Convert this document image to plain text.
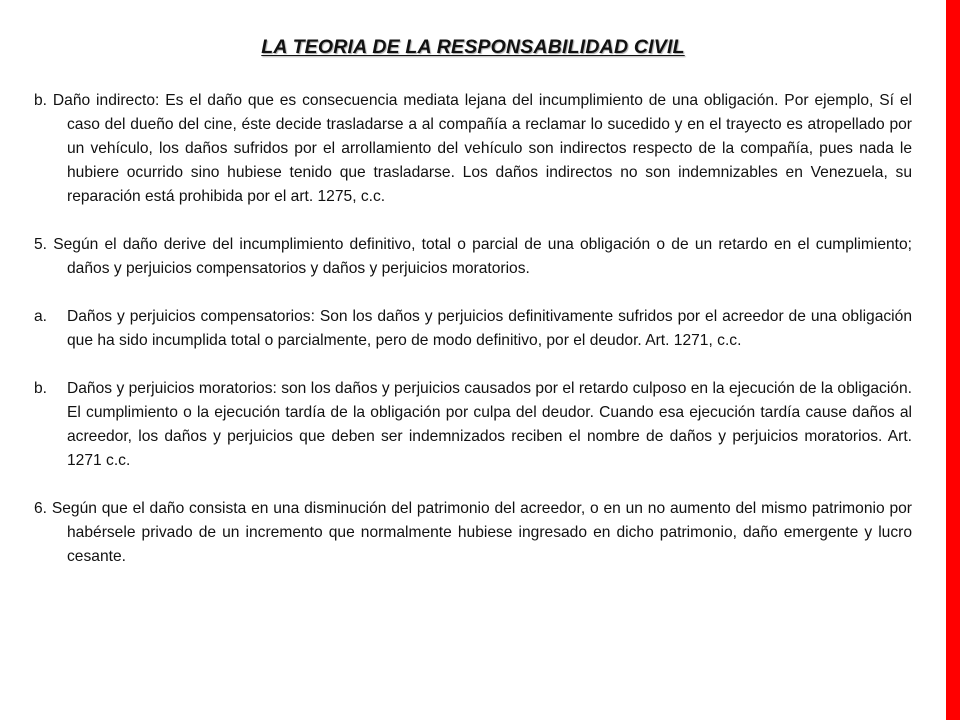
LA TEORIA DE LA RESPONSABILIDAD CIVIL

b. Daño indirecto: Es el daño que es consecuencia mediata lejana del incumplimiento de una obligación. Por ejemplo, Sí el caso del dueño del cine, éste decide trasladarse a al compañía a reclamar lo sucedido y en el trayecto es atropellado por un vehículo, los daños sufridos por el arrollamiento del vehículo son indirectos respecto de la compañía, pues nada le hubiere ocurrido sino hubiese tenido que trasladarse. Los daños indirectos no son indemnizables en Venezuela, su reparación está prohibida por el art. 1275, c.c.

5. Según el daño derive del incumplimiento definitivo, total o parcial de una obligación o de un retardo en el cumplimiento; daños y perjuicios compensatorios y daños y perjuicios moratorios.

a. Daños y perjuicios compensatorios: Son los daños y perjuicios definitivamente sufridos por el acreedor de una obligación que ha sido incumplida total o parcialmente, pero de modo definitivo, por el deudor. Art. 1271, c.c.

b. Daños y perjuicios moratorios: son los daños y perjuicios causados por el retardo culposo en la ejecución de la obligación. El cumplimiento o la ejecución tardía de la obligación por culpa del deudor. Cuando esa ejecución tardía cause daños al acreedor, los daños y perjuicios que deben ser indemnizados reciben el nombre de daños y perjuicios moratorios. Art. 1271 c.c.

6. Según que el daño consista en una disminución del patrimonio del acreedor, o en un no aumento del mismo patrimonio por habérsele privado de un incremento que normalmente hubiese ingresado en dicho patrimonio, daño emergente y lucro cesante.
